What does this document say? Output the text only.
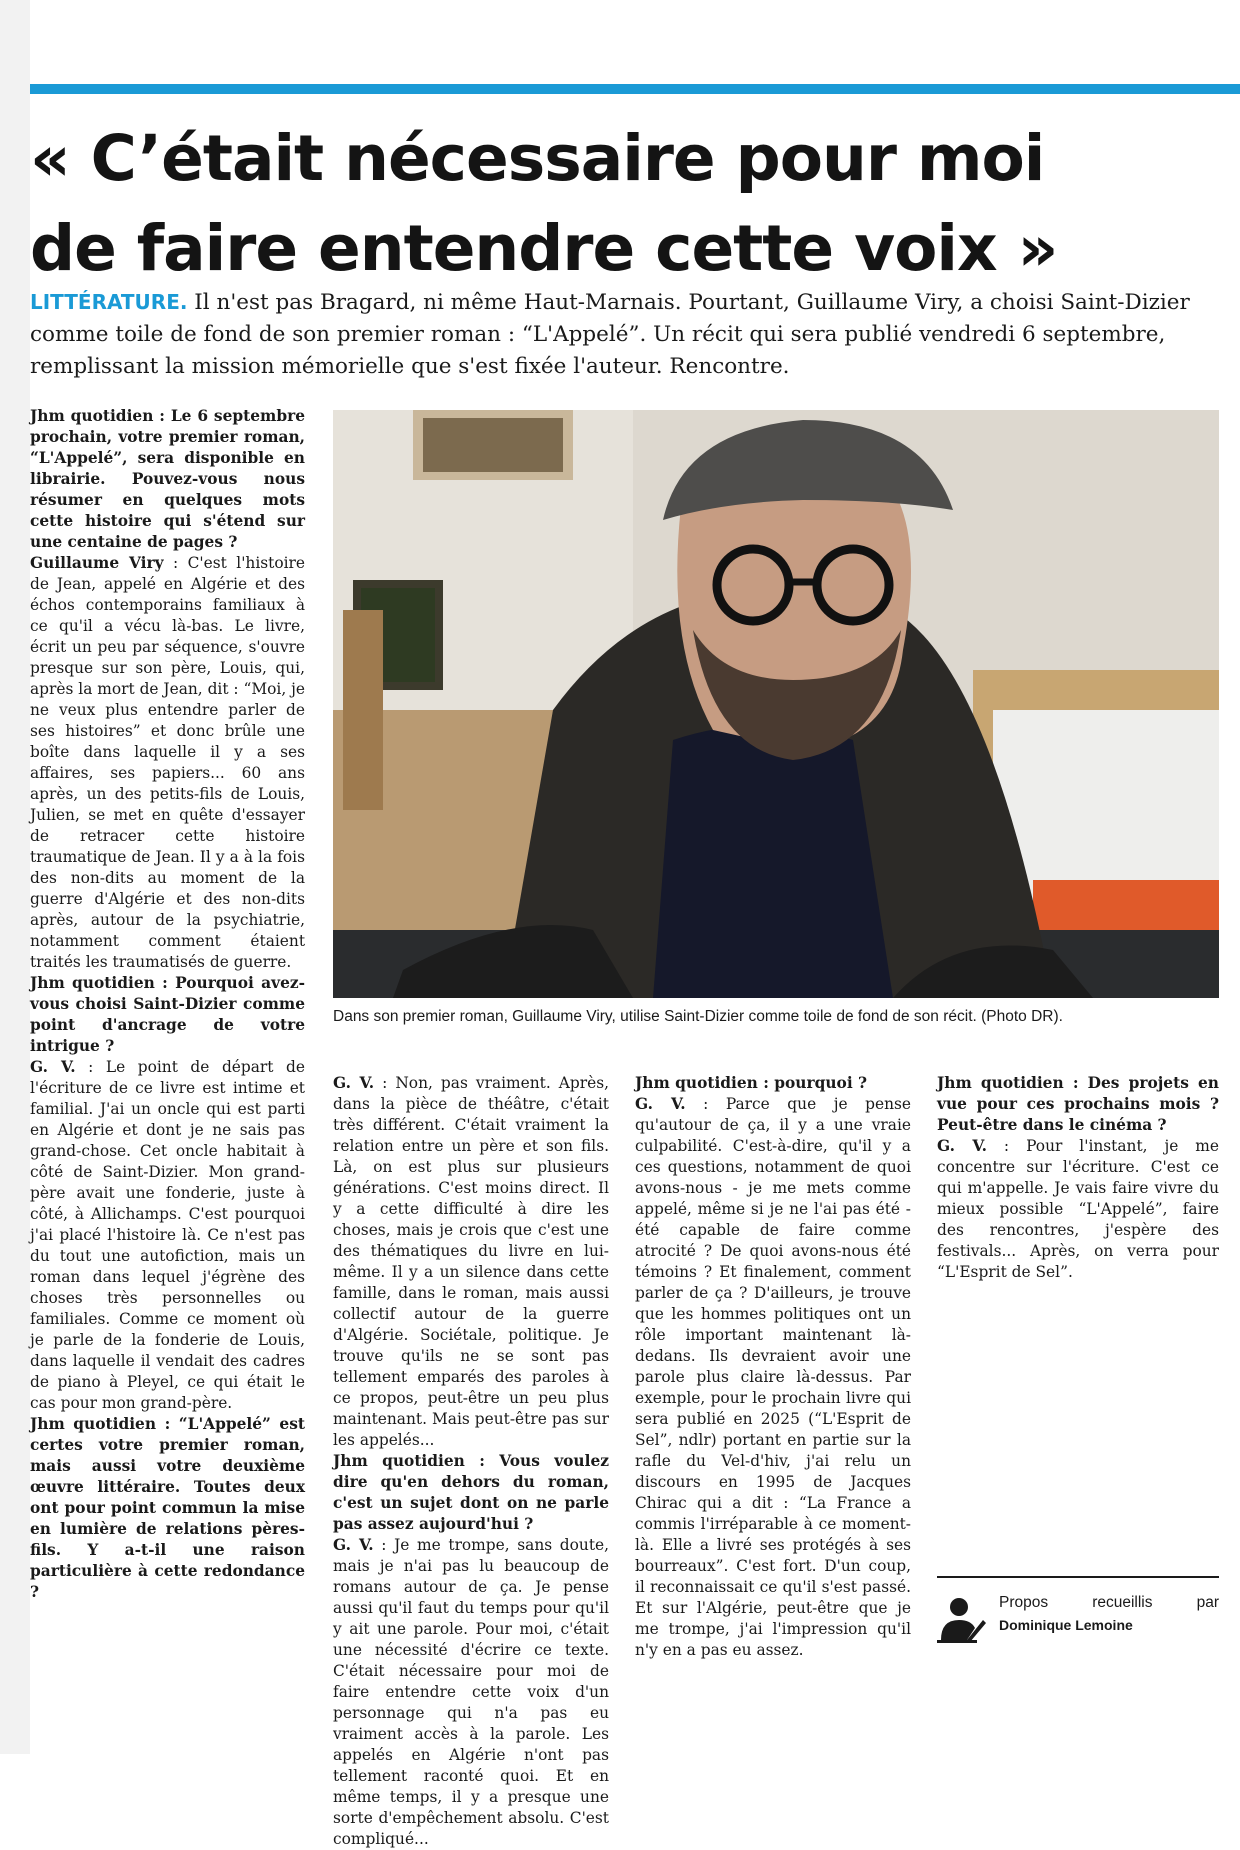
« C’était nécessaire pour moi
de faire entendre cette voix »

LITTÉRATURE. Il n'est pas Bragard, ni même Haut-Marnais. Pourtant, Guillaume Viry, a choisi Saint-Dizier comme toile de fond de son premier roman : “L'Appelé”. Un récit qui sera publié vendredi 6 septembre, remplissant la mission mémorielle que s'est fixée l'auteur. Rencontre.

Jhm quotidien : Le 6 septembre prochain, votre premier roman, “L'Appelé”, sera disponible en librairie. Pouvez-vous nous résumer en quelques mots cette histoire qui s'étend sur une centaine de pages ?

Guillaume Viry : C'est l'histoire de Jean, appelé en Algérie et des échos contemporains familiaux à ce qu'il a vécu là-bas. Le livre, écrit un peu par séquence, s'ouvre presque sur son père, Louis, qui, après la mort de Jean, dit : “Moi, je ne veux plus entendre parler de ses histoires” et donc brûle une boîte dans laquelle il y a ses affaires, ses papiers... 60 ans après, un des petits-fils de Louis, Julien, se met en quête d'essayer de retracer cette histoire traumatique de Jean. Il y a à la fois des non-dits au moment de la guerre d'Algérie et des non-dits après, autour de la psychiatrie, notamment comment étaient traités les traumatisés de guerre.

Jhm quotidien : Pourquoi avez-vous choisi Saint-Dizier comme point d'ancrage de votre intrigue ?

G. V. : Le point de départ de l'écriture de ce livre est intime et familial. J'ai un oncle qui est parti en Algérie et dont je ne sais pas grand-chose. Cet oncle habitait à côté de Saint-Dizier. Mon grand-père avait une fonderie, juste à côté, à Allichamps. C'est pourquoi j'ai placé l'histoire là. Ce n'est pas du tout une autofiction, mais un roman dans lequel j'égrène des choses très personnelles ou familiales. Comme ce moment où je parle de la fonderie de Louis, dans laquelle il vendait des cadres de piano à Pleyel, ce qui était le cas pour mon grand-père.

Jhm quotidien : “L'Appelé” est certes votre premier roman, mais aussi votre deuxième œuvre littéraire. Toutes deux ont pour point commun la mise en lumière de relations pères-fils. Y a-t-il une raison particulière à cette redondance ?

Dans son premier roman, Guillaume Viry, utilise Saint-Dizier comme toile de fond de son récit. (Photo DR).

G. V. : Non, pas vraiment. Après, dans la pièce de théâtre, c'était très différent. C'était vraiment la relation entre un père et son fils. Là, on est plus sur plusieurs générations. C'est moins direct. Il y a cette difficulté à dire les choses, mais je crois que c'est une des thématiques du livre en lui-même. Il y a un silence dans cette famille, dans le roman, mais aussi collectif autour de la guerre d'Algérie. Sociétale, politique. Je trouve qu'ils ne se sont pas tellement emparés des paroles à ce propos, peut-être un peu plus maintenant. Mais peut-être pas sur les appelés...

Jhm quotidien : Vous voulez dire qu'en dehors du roman, c'est un sujet dont on ne parle pas assez aujourd'hui ?

G. V. : Je me trompe, sans doute, mais je n'ai pas lu beaucoup de romans autour de ça. Je pense aussi qu'il faut du temps pour qu'il y ait une parole. Pour moi, c'était une nécessité d'écrire ce texte. C'était nécessaire pour moi de faire entendre cette voix d'un personnage qui n'a pas eu vraiment accès à la parole. Les appelés en Algérie n'ont pas tellement raconté quoi. Et en même temps, il y a presque une sorte d'empêchement absolu. C'est compliqué...

Jhm quotidien : pourquoi ?

G. V. : Parce que je pense qu'autour de ça, il y a une vraie culpabilité. C'est-à-dire, qu'il y a ces questions, notamment de quoi avons-nous - je me mets comme appelé, même si je ne l'ai pas été - été capable de faire comme atrocité ? De quoi avons-nous été témoins ? Et finalement, comment parler de ça ? D'ailleurs, je trouve que les hommes politiques ont un rôle important maintenant là-dedans. Ils devraient avoir une parole plus claire là-dessus. Par exemple, pour le prochain livre qui sera publié en 2025 (“L'Esprit de Sel”, ndlr) portant en partie sur la rafle du Vel-d'hiv, j'ai relu un discours en 1995 de Jacques Chirac qui a dit : “La France a commis l'irréparable à ce moment-là. Elle a livré ses protégés à ses bourreaux”. C'est fort. D'un coup, il reconnaissait ce qu'il s'est passé. Et sur l'Algérie, peut-être que je me trompe, j'ai l'impression qu'il n'y en a pas eu assez.

Jhm quotidien : Des projets en vue pour ces prochains mois ? Peut-être dans le cinéma ?

G. V. : Pour l'instant, je me concentre sur l'écriture. C'est ce qui m'appelle. Je vais faire vivre du mieux possible “L'Appelé”, faire des rencontres, j'espère des festivals... Après, on verra pour “L'Esprit de Sel”.

Propos	recueillis	par
Dominique Lemoine
